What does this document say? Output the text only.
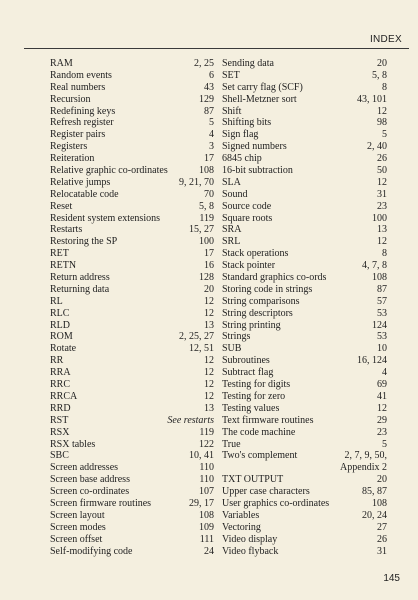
INDEX
RAM	2, 25
Random events	6
Real numbers	43
Recursion	129
Redefining keys	87
Refresh register	5
Register pairs	4
Registers	3
Reiteration	17
Relative graphic co-ordinates	108
Relative jumps	9, 21, 70
Relocatable code	70
Reset	5, 8
Resident system extensions	119
Restarts	15, 27
Restoring the SP	100
RET	17
RETN	16
Return address	128
Returning data	20
RL	12
RLC	12
RLD	13
ROM	2, 25, 27
Rotate	12, 51
RR	12
RRA	12
RRC	12
RRCA	12
RRD	13
RST	See restarts
RSX	119
RSX tables	122
SBC	10, 41
Screen addresses	110
Screen base address	110
Screen co-ordinates	107
Screen firmware routines	29, 17
Screen layout	108
Screen modes	109
Screen offset	111
Self-modifying code	24
Sending data	20
SET	5, 8
Set carry flag (SCF)	8
Shell-Metzner sort	43, 101
Shift	12
Shifting bits	98
Sign flag	5
Signed numbers	2, 40
6845 chip	26
16-bit subtraction	50
SLA	12
Sound	31
Source code	23
Square roots	100
SRA	13
SRL	12
Stack operations	8
Stack pointer	4, 7, 8
Standard graphics co-ords	108
Storing code in strings	87
String comparisons	57
String descriptors	53
String printing	124
Strings	53
SUB	10
Subroutines	16, 124
Subtract flag	4
Testing for digits	69
Testing for zero	41
Testing values	12
Text firmware routines	29
The code machine	23
True	5
Two's complement	2, 7, 9, 50,
Appendix 2
TXT OUTPUT	20
Upper case characters	85, 87
User graphics co-ordinates	108
Variables	20, 24
Vectoring	27
Video display	26
Video flyback	31
145
